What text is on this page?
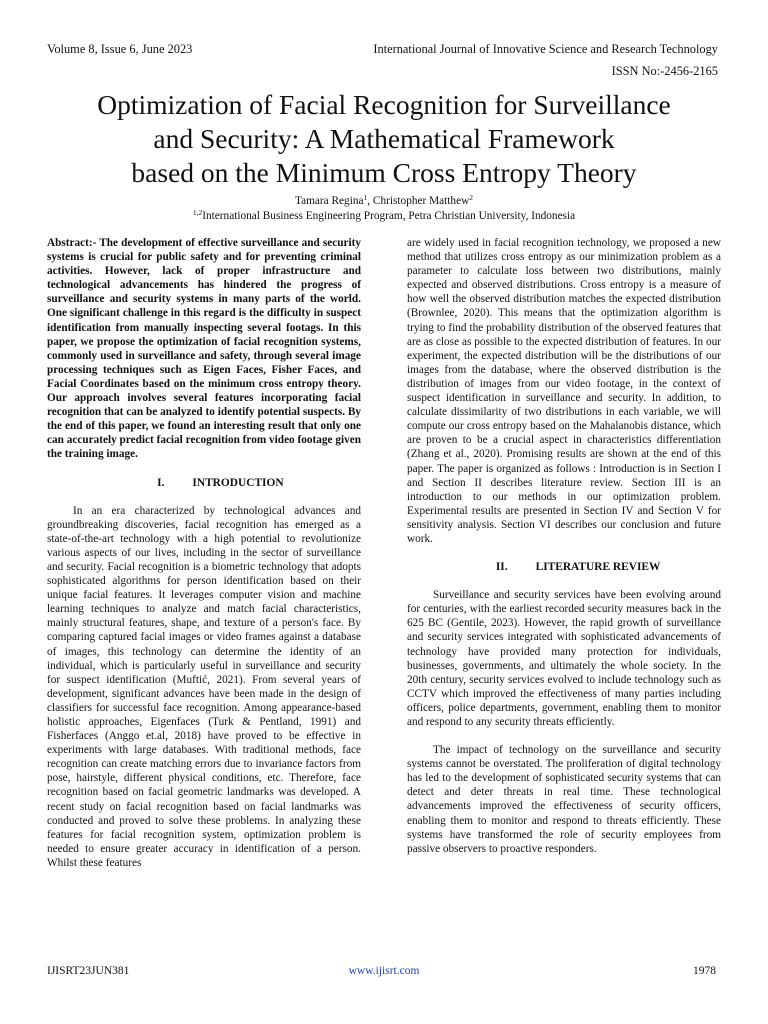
Volume 8, Issue 6, June 2023	International Journal of Innovative Science and Research Technology
ISSN No:-2456-2165
Optimization of Facial Recognition for Surveillance
and Security: A Mathematical Framework
based on the Minimum Cross Entropy Theory
Tamara Regina$^1$, Christopher Matthew$^2$
$^{1,2}$International Business Engineering Program, Petra Christian University, Indonesia

Abstract:- The development of effective surveillance and security systems is crucial for public safety and for preventing criminal activities. However, lack of proper infrastructure and technological advancements has hindered the progress of surveillance and security systems in many parts of the world. One significant challenge in this regard is the difficulty in suspect identification from manually inspecting several footags. In this paper, we propose the optimization of facial recognition systems, commonly used in surveillance and safety, through several image processing techniques such as Eigen Faces, Fisher Faces, and Facial Coordinates based on the minimum cross entropy theory. Our approach involves several features incorporating facial recognition that can be analyzed to identify potential suspects. By the end of this paper, we found an interesting result that only one can accurately predict facial recognition from video footage given the training image.

I. INTRODUCTION

In an era characterized by technological advances and groundbreaking discoveries, facial recognition has emerged as a state-of-the-art technology with a high potential to revolutionize various aspects of our lives, including in the sector of surveillance and security. Facial recognition is a biometric technology that adopts sophisticated algorithms for person identification based on their unique facial features. It leverages computer vision and machine learning techniques to analyze and match facial characteristics, mainly structural features, shape, and texture of a person's face. By comparing captured facial images or video frames against a database of images, this technology can determine the identity of an individual, which is particularly useful in surveillance and security for suspect identification (Muftić, 2021). From several years of development, significant advances have been made in the design of classifiers for successful face recognition. Among appearance-based holistic approaches, Eigenfaces (Turk & Pentland, 1991) and Fisherfaces (Anggo et.al, 2018) have proved to be effective in experiments with large databases. With traditional methods, face recognition can create matching errors due to invariance factors from pose, hairstyle, different physical conditions, etc. Therefore, face recognition based on facial geometric landmarks was developed. A recent study on facial recognition based on facial landmarks was conducted and proved to solve these problems. In analyzing these features for facial recognition system, optimization problem is needed to ensure greater accuracy in identification of a person. Whilst these features

are widely used in facial recognition technology, we proposed a new method that utilizes cross entropy as our minimization problem as a parameter to calculate loss between two distributions, mainly expected and observed distributions. Cross entropy is a measure of how well the observed distribution matches the expected distribution (Brownlee, 2020). This means that the optimization algorithm is trying to find the probability distribution of the observed features that are as close as possible to the expected distribution of features. In our experiment, the expected distribution will be the distributions of our images from the database, where the observed distribution is the distribution of images from our video footage, in the context of suspect identification in surveillance and security. In addition, to calculate dissimilarity of two distributions in each variable, we will compute our cross entropy based on the Mahalanobis distance, which are proven to be a crucial aspect in characteristics differentiation (Zhang et al., 2020). Promising results are shown at the end of this paper. The paper is organized as follows : Introduction is in Section I and Section II describes literature review. Section III is an introduction to our methods in our optimization problem. Experimental results are presented in Section IV and Section V for sensitivity analysis. Section VI describes our conclusion and future work.

II. LITERATURE REVIEW

Surveillance and security services have been evolving around for centuries, with the earliest recorded security measures back in the 625 BC (Gentile, 2023). However, the rapid growth of surveillance and security services integrated with sophisticated advancements of technology have provided many protection for individuals, businesses, governments, and ultimately the whole society. In the 20th century, security services evolved to include technology such as CCTV which improved the effectiveness of many parties including officers, police departments, government, enabling them to monitor and respond to any security threats efficiently.

The impact of technology on the surveillance and security systems cannot be overstated. The proliferation of digital technology has led to the development of sophisticated security systems that can detect and deter threats in real time. These technological advancements improved the effectiveness of security officers, enabling them to monitor and respond to threats efficiently. These systems have transformed the role of security employees from passive observers to proactive responders.

IJISRT23JUN381	www.ijisrt.com	1978
